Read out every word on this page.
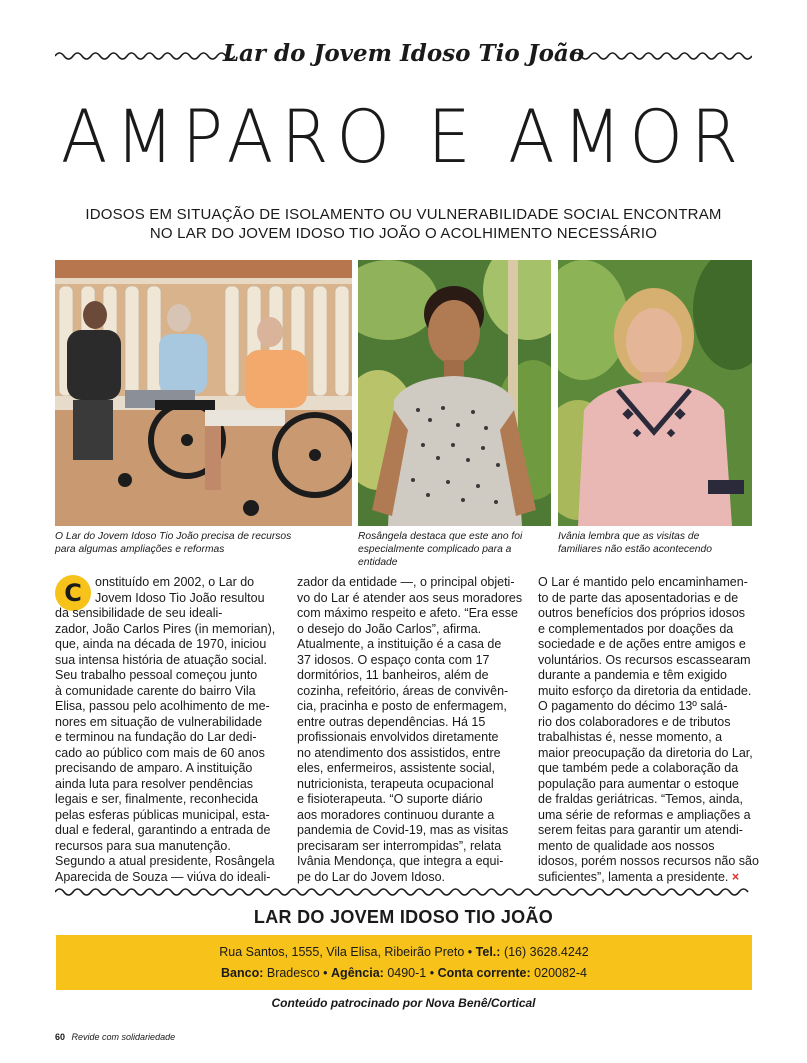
Lar do Jovem Idoso Tio João
AMPARO E AMOR
IDOSOS EM SITUAÇÃO DE ISOLAMENTO OU VULNERABILIDADE SOCIAL ENCONTRAM
NO LAR DO JOVEM IDOSO TIO JOÃO O ACOLHIMENTO NECESSÁRIO
O Lar do Jovem Idoso Tio João precisa de recursos
para algumas ampliações e reformas
Rosângela destaca que este ano foi
especialmente complicado para a entidade
Ivânia lembra que as visitas de
familiares não estão acontecendo
C	onstituído em 2002, o Lar do
Jovem Idoso Tio João resultou
da sensibilidade de seu ideali-
zador, João Carlos Pires (in memorian),
que, ainda na década de 1970, iniciou
sua intensa história de atuação social.
Seu trabalho pessoal começou junto
à comunidade carente do bairro Vila
Elisa, passou pelo acolhimento de me-
nores em situação de vulnerabilidade
e terminou na fundação do Lar dedi-
cado ao público com mais de 60 anos
precisando de amparo. A instituição
ainda luta para resolver pendências
legais e ser, finalmente, reconhecida
pelas esferas públicas municipal, esta-
dual e federal, garantindo a entrada de
recursos para sua manutenção.
Segundo a atual presidente, Rosângela
Aparecida de Souza — viúva do ideali-
zador da entidade —, o principal objeti-
vo do Lar é atender aos seus moradores
com máximo respeito e afeto. “Era esse
o desejo do João Carlos”, afirma.
Atualmente, a instituição é a casa de
37 idosos. O espaço conta com 17
dormitórios, 11 banheiros, além de
cozinha, refeitório, áreas de convivên-
cia, pracinha e posto de enfermagem,
entre outras dependências. Há 15
profissionais envolvidos diretamente
no atendimento dos assistidos, entre
eles, enfermeiros, assistente social,
nutricionista, terapeuta ocupacional
e fisioterapeuta. “O suporte diário
aos moradores continuou durante a
pandemia de Covid-19, mas as visitas
precisaram ser interrompidas”, relata
Ivânia Mendonça, que integra a equi-
pe do Lar do Jovem Idoso.
O Lar é mantido pelo encaminhamen-
to de parte das aposentadorias e de
outros benefícios dos próprios idosos
e complementados por doações da
sociedade e de ações entre amigos e
voluntários. Os recursos escassearam
durante a pandemia e têm exigido
muito esforço da diretoria da entidade.
O pagamento do décimo 13º salá-
rio dos colaboradores e de tributos
trabalhistas é, nesse momento, a
maior preocupação da diretoria do Lar,
que também pede a colaboração da
população para aumentar o estoque
de fraldas geriátricas. “Temos, ainda,
uma série de reformas e ampliações a
serem feitas para garantir um atendi-
mento de qualidade aos nossos
idosos, porém nossos recursos não são
suficientes”, lamenta a presidente. ×
LAR DO JOVEM IDOSO TIO JOÃO
Rua Santos, 1555, Vila Elisa, Ribeirão Preto • Tel.: (16) 3628.4242
Banco: Bradesco • Agência: 0490-1 • Conta corrente: 020082-4
Conteúdo patrocinado por Nova Benê/Cortical
60 Revide com solidariedade
